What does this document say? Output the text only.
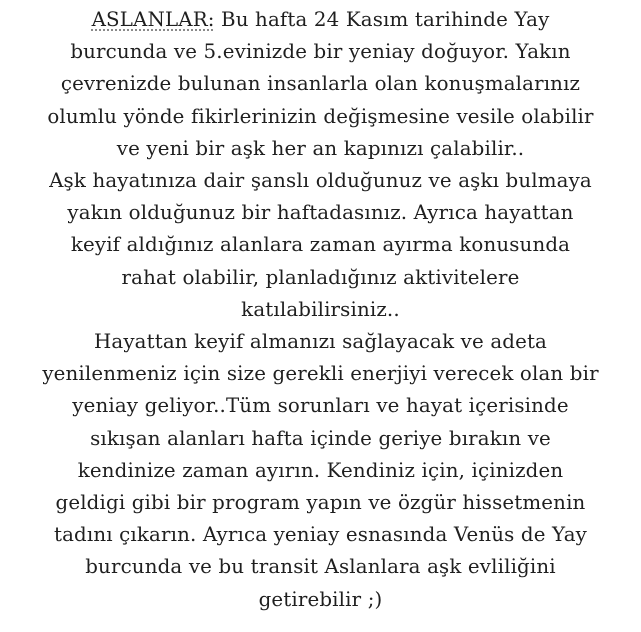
ASLANLAR: Bu hafta 24 Kasım tarihinde Yay
burcunda ve 5.evinizde bir yeniay doğuyor. Yakın
çevrenizde bulunan insanlarla olan konuşmalarınız
olumlu yönde fikirlerinizin değişmesine vesile olabilir
ve yeni bir aşk her an kapınızı çalabilir..
Aşk hayatınıza dair şanslı olduğunuz ve aşkı bulmaya
yakın olduğunuz bir haftadasınız. Ayrıca hayattan
keyif aldığınız alanlara zaman ayırma konusunda
rahat olabilir, planladığınız aktivitelere
katılabilirsiniz..
Hayattan keyif almanızı sağlayacak ve adeta
yenilenmeniz için size gerekli enerjiyi verecek olan bir
yeniay geliyor..Tüm sorunları ve hayat içerisinde
sıkışan alanları hafta içinde geriye bırakın ve
kendinize zaman ayırın. Kendiniz için, içinizden
geldigi gibi bir program yapın ve özgür hissetmenin
tadını çıkarın. Ayrıca yeniay esnasında Venüs de Yay
burcunda ve bu transit Aslanlara aşk evliliğini
getirebilir ;)
